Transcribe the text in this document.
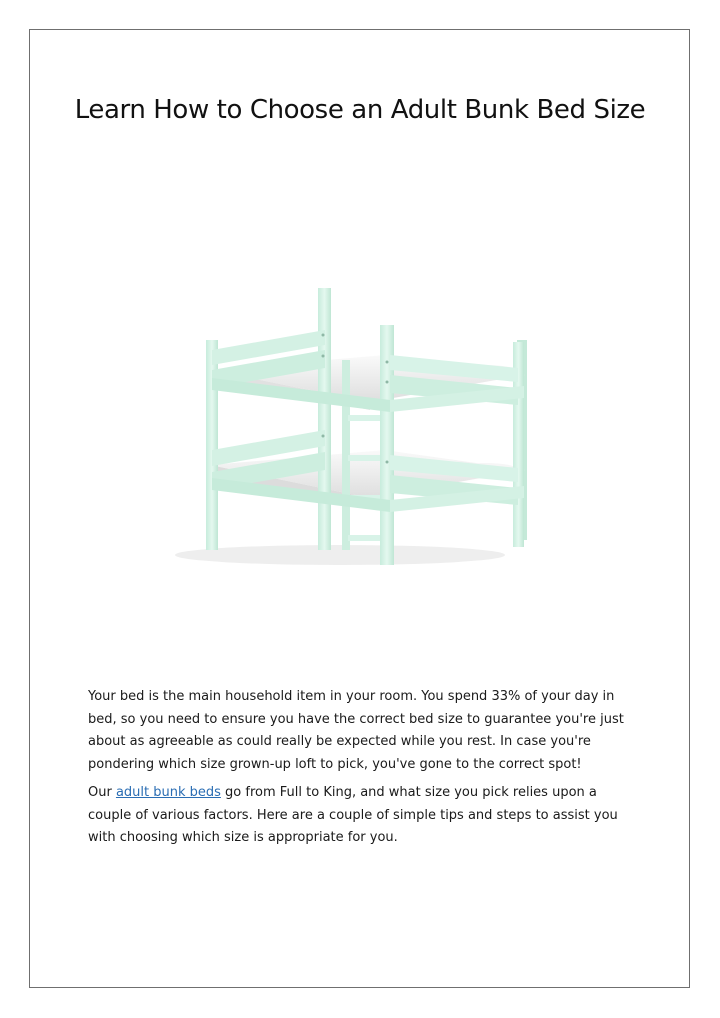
Learn How to Choose an Adult Bunk Bed Size

Your bed is the main household item in your room. You spend 33% of your day in bed, so you need to ensure you have the correct bed size to guarantee you're just about as agreeable as could really be expected while you rest. In case you're pondering which size grown-up loft to pick, you've gone to the correct spot!

Our adult bunk beds go from Full to King, and what size you pick relies upon a couple of various factors. Here are a couple of simple tips and steps to assist you with choosing which size is appropriate for you.
